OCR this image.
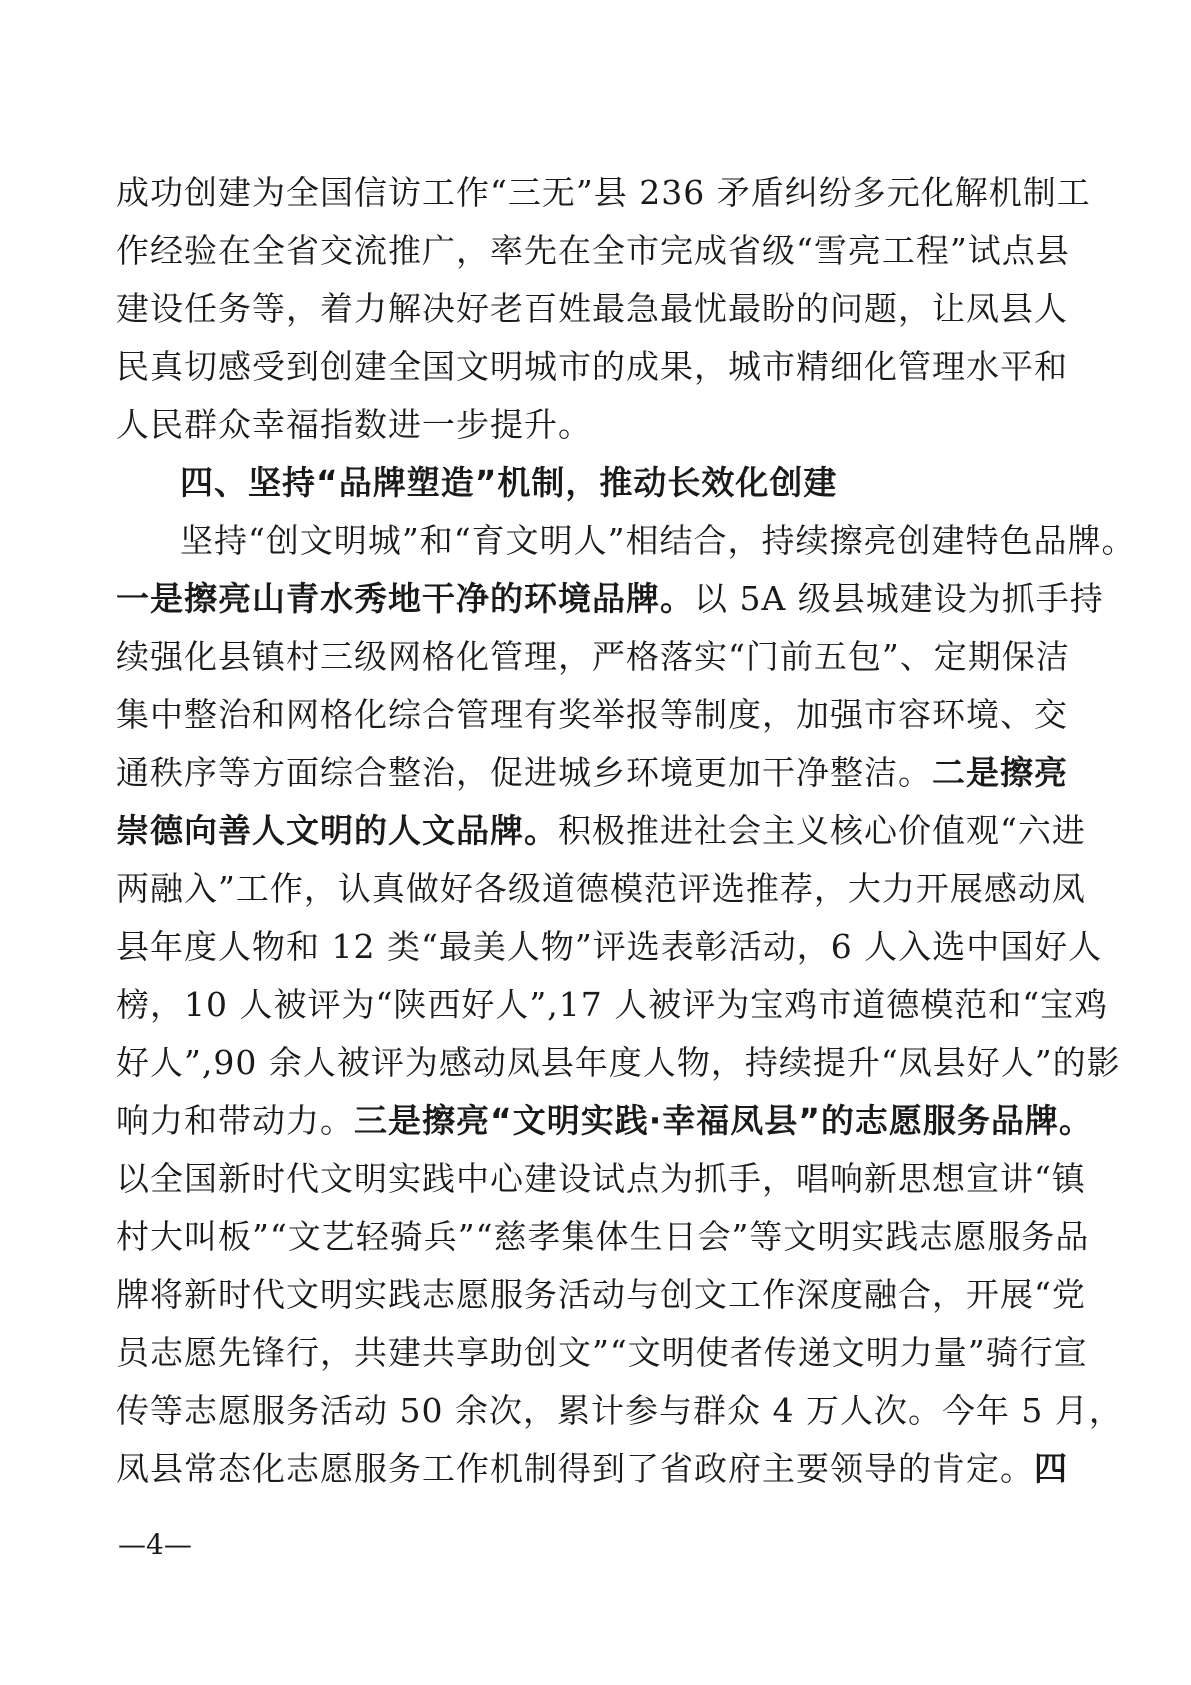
成功创建为全国信访工作“三无”县 236 矛盾纠纷多元化解机制工
作经验在全省交流推广，率先在全市完成省级“雪亮工程”试点县
建设任务等，着力解决好老百姓最急最忧最盼的问题，让凤县人
民真切感受到创建全国文明城市的成果，城市精细化管理水平和
人民群众幸福指数进一步提升。
四、坚持“品牌塑造”机制，推动长效化创建
坚持“创文明城”和“育文明人”相结合，持续擦亮创建特色品牌。
一是擦亮山青水秀地干净的环境品牌。以 5A 级县城建设为抓手持
续强化县镇村三级网格化管理，严格落实“门前五包”、定期保洁
集中整治和网格化综合管理有奖举报等制度，加强市容环境、交
通秩序等方面综合整治，促进城乡环境更加干净整洁。二是擦亮
崇德向善人文明的人文品牌。积极推进社会主义核心价值观“六进
两融入”工作，认真做好各级道德模范评选推荐，大力开展感动凤
县年度人物和 12 类“最美人物”评选表彰活动，6 人入选中国好人
榜，10 人被评为“陕西好人”,17 人被评为宝鸡市道德模范和“宝鸡
好人”,90 余人被评为感动凤县年度人物，持续提升“凤县好人”的影
响力和带动力。三是擦亮“文明实践·幸福凤县”的志愿服务品牌。
以全国新时代文明实践中心建设试点为抓手，唱响新思想宣讲“镇
村大叫板”“文艺轻骑兵”“慈孝集体生日会”等文明实践志愿服务品
牌将新时代文明实践志愿服务活动与创文工作深度融合，开展“党
员志愿先锋行，共建共享助创文”“文明使者传递文明力量”骑行宣
传等志愿服务活动 50 余次，累计参与群众 4 万人次。今年 5 月，
凤县常态化志愿服务工作机制得到了省政府主要领导的肯定。四
—4—
